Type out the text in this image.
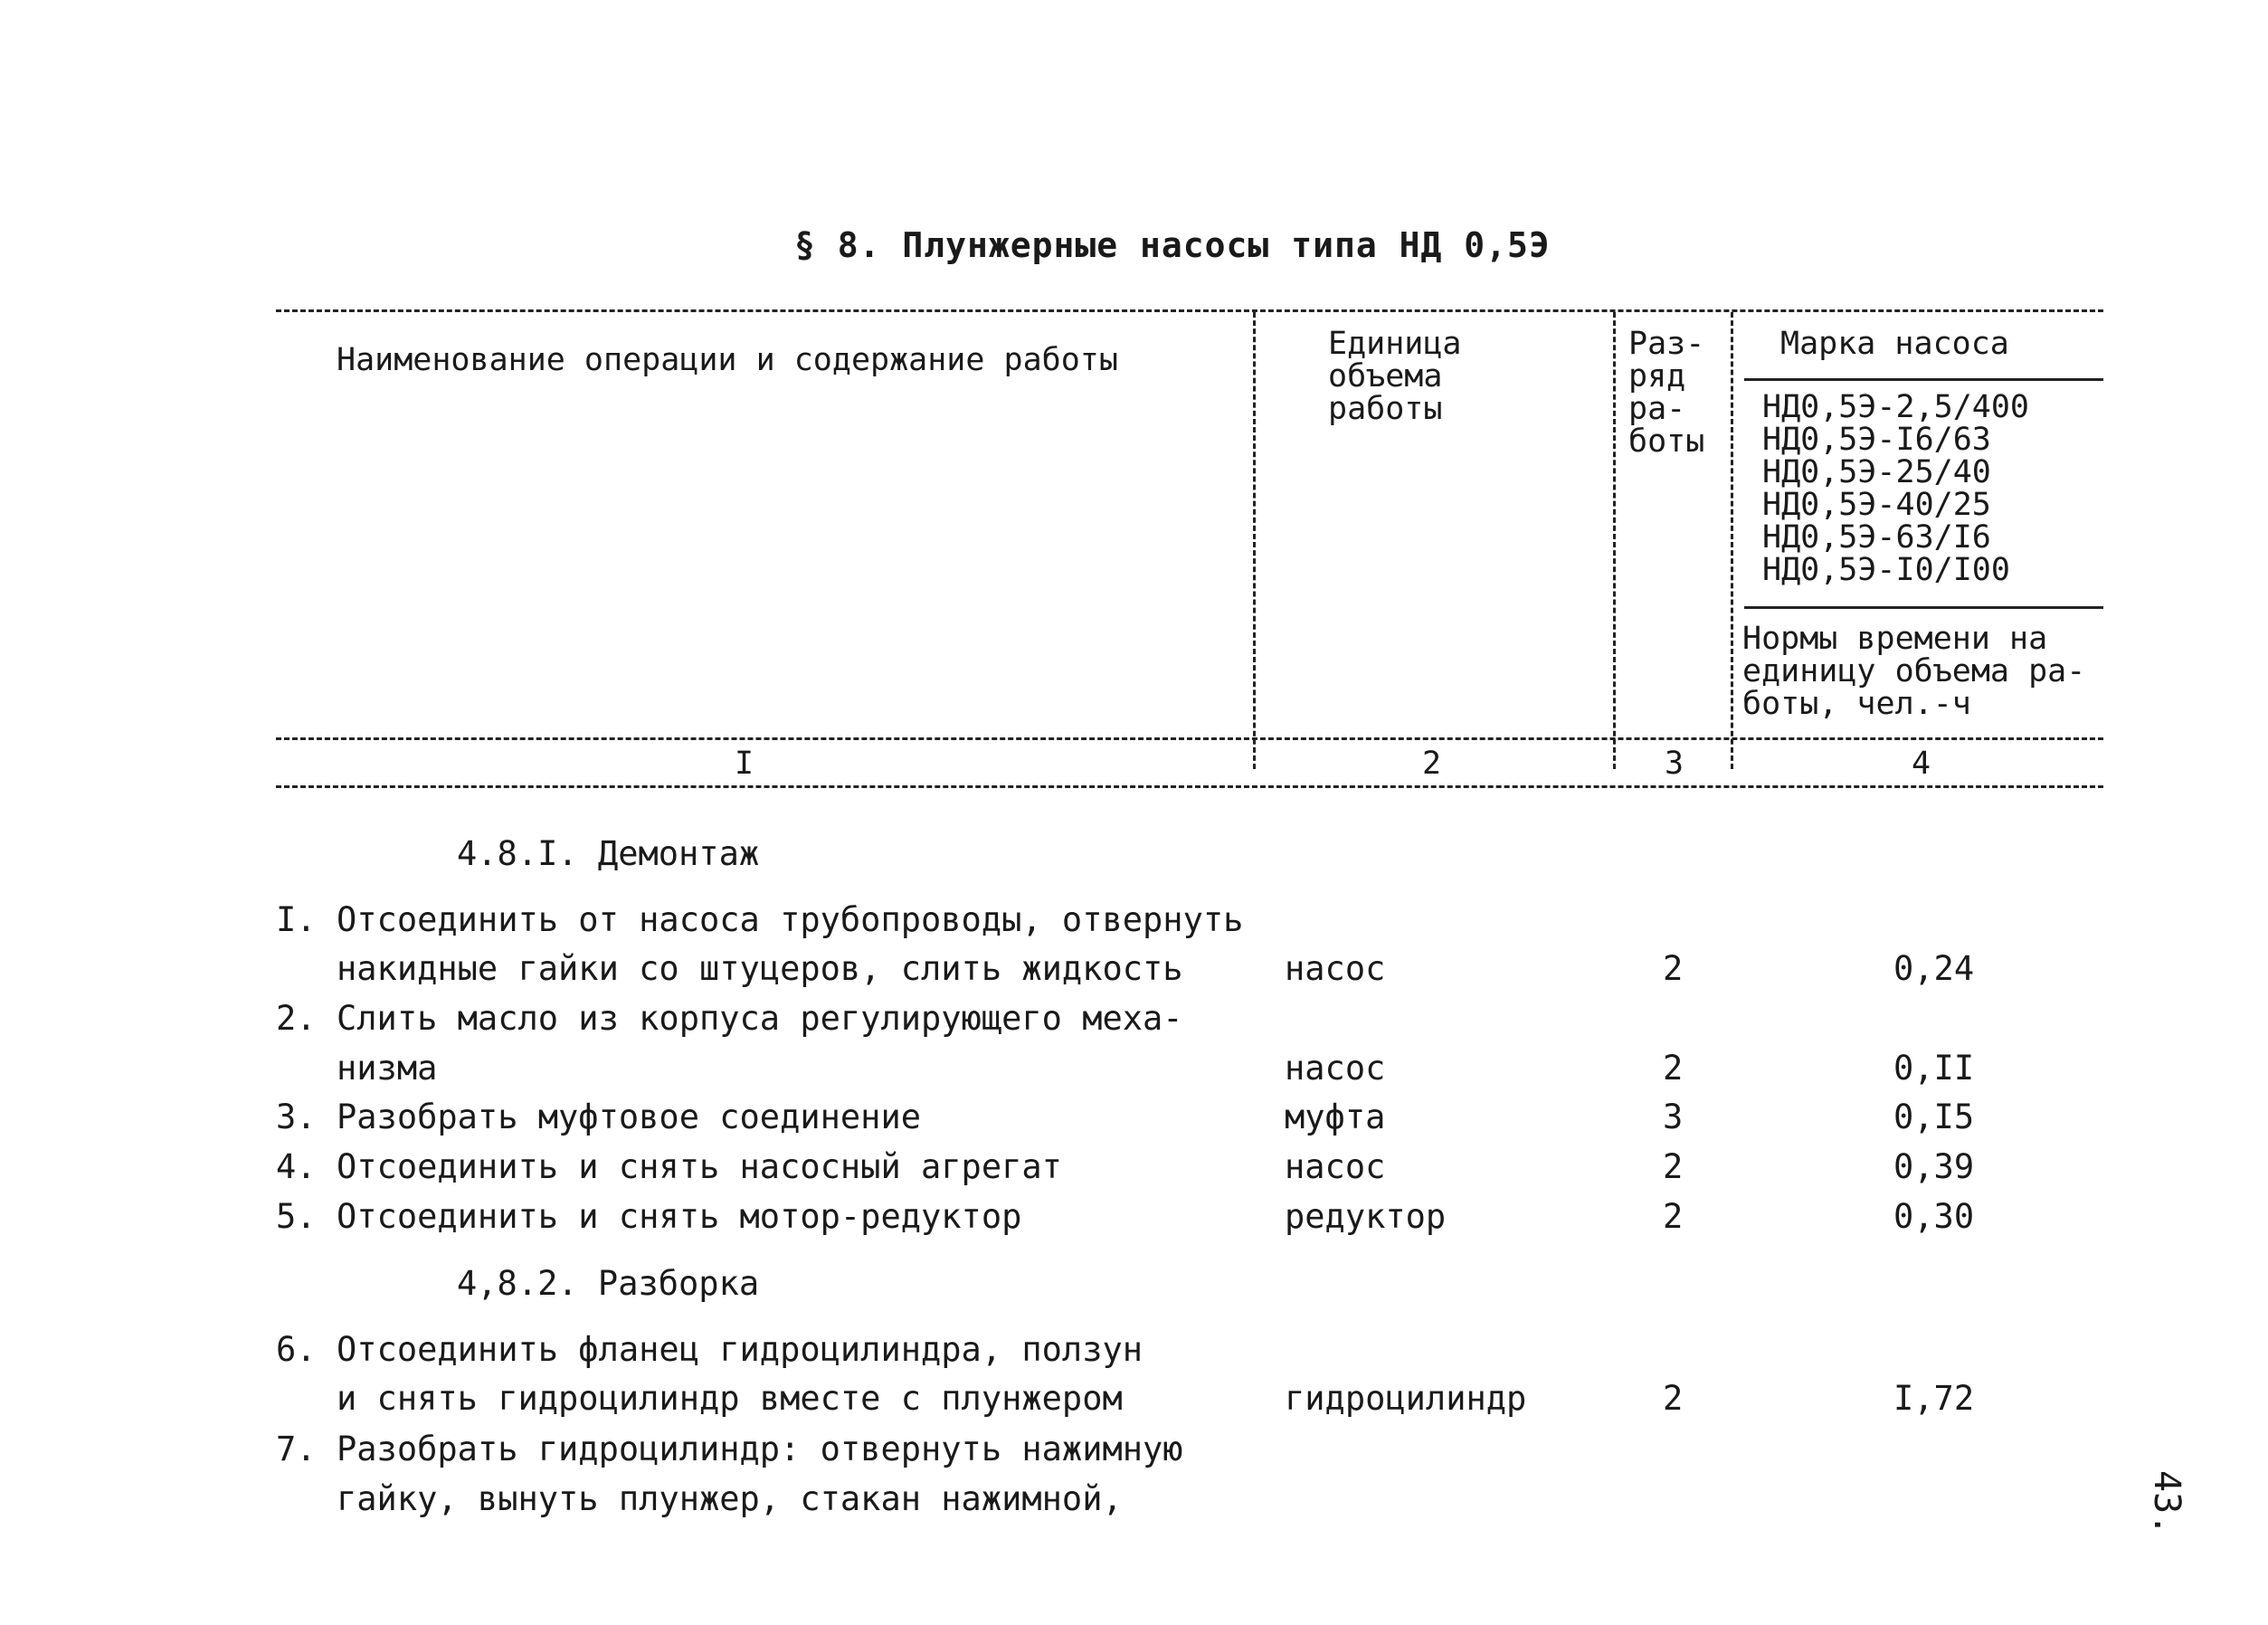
§ 8. Плунжерные насосы типа НД 0,5Э
Наименование операции и содержание работы	Единица
объема
работы
Раз-
ряд
ра-
боты
Марка насоса
НД0,5Э-2,5/400
НД0,5Э-I6/63
НД0,5Э-25/40
НД0,5Э-40/25
НД0,5Э-63/I6
НД0,5Э-I0/I00
Нормы времени на
единицу объема ра-
боты, чел.-ч
I	2	3	4
4.8.I. Демонтаж
I. Отсоединить от насоса трубопроводы, отвернуть
накидные гайки со штуцеров, слить жидкость	насос	2	0,24
2. Слить масло из корпуса регулирующего меха-
низма	насос	2	0,II
3. Разобрать муфтовое соединение	муфта	3	0,I5
4. Отсоединить и снять насосный агрегат	насос	2	0,39
5. Отсоединить и снять мотор-редуктор	редуктор	2	0,30
4,8.2. Разборка
6. Отсоединить фланец гидроцилиндра, ползун
и снять гидроцилиндр вместе с плунжером	гидроцилиндр	2	I,72
7. Разобрать гидроцилиндр: отвернуть нажимную
гайку, вынуть плунжер, стакан нажимной,	43.
